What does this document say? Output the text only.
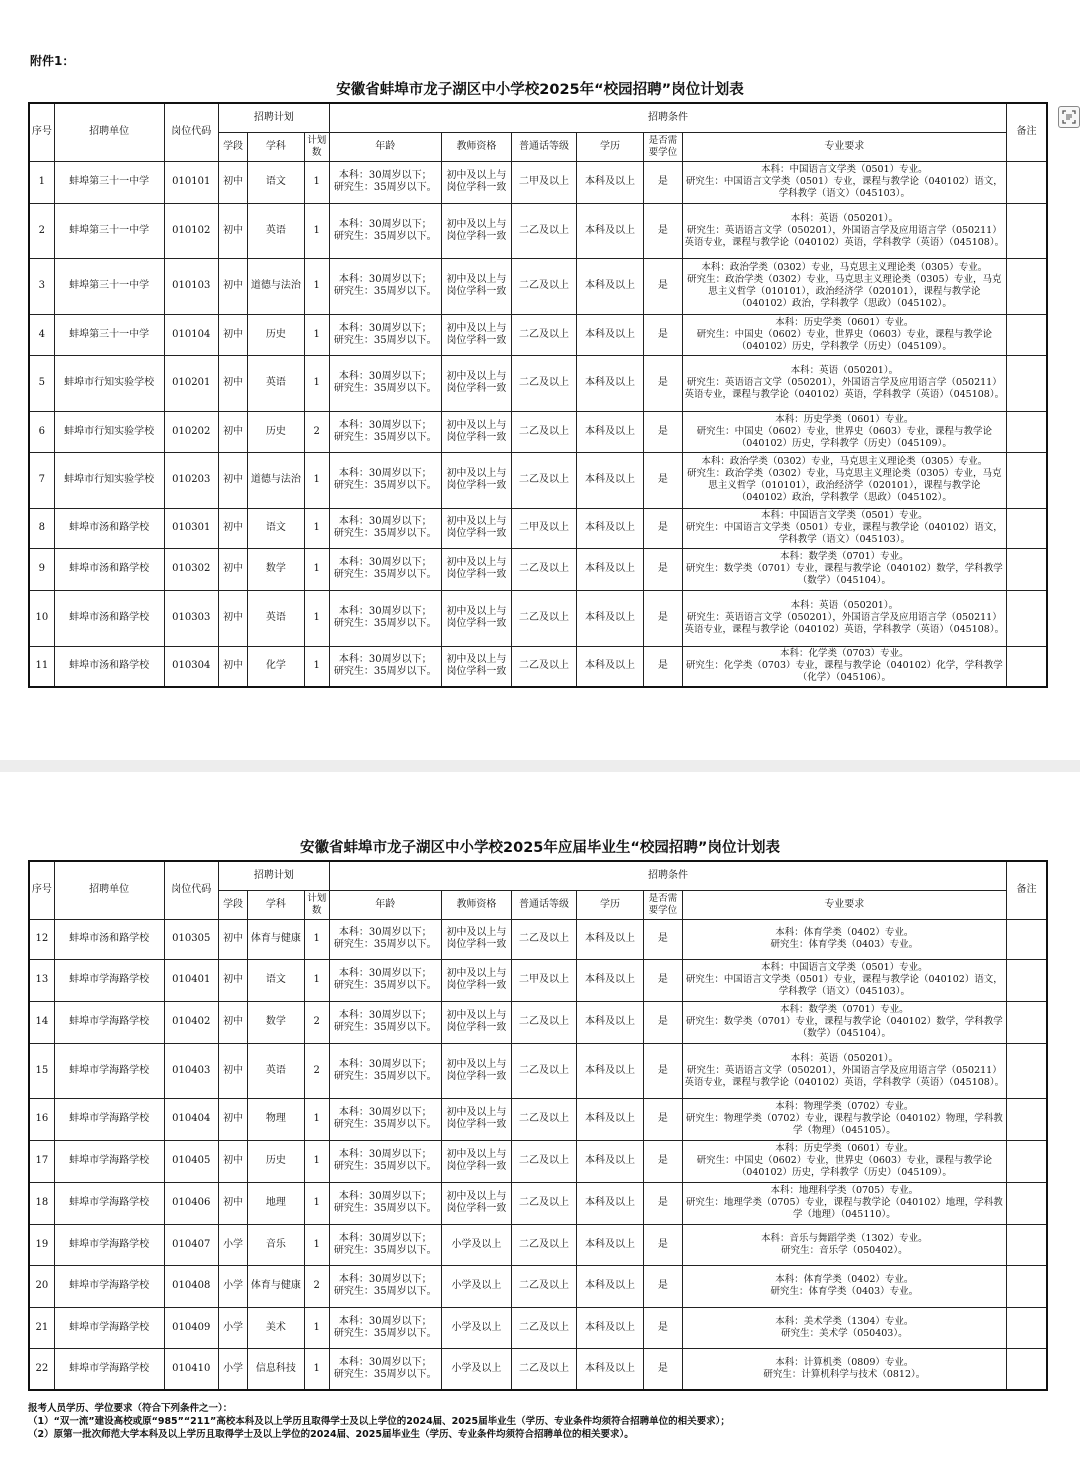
附件1：
安徽省蚌埠市龙子湖区中小学校2025年“校园招聘”岗位计划表
序号	招聘单位	岗位代码	招聘计划			招聘条件						备注
			学段	学科	计划数	年龄	教师资格	普通话等级	学历	是否需要学位	专业要求	
1	蚌埠第三十一中学	010101	初中	语文	1	本科：30周岁以下；
研究生：35周岁以下。	初中及以上与
岗位学科一致	二甲及以上	本科及以上	是	本科：中国语言文学类（0501）专业。
研究生：中国语言文学类（0501）专业，课程与教学论（040102）语文，学科教学（语文）（045103）。	
2	蚌埠第三十一中学	010102	初中	英语	1	本科：30周岁以下；
研究生：35周岁以下。	初中及以上与
岗位学科一致	二乙及以上	本科及以上	是	本科：英语（050201）。
研究生：英语语言文学（050201），外国语言学及应用语言学（050211）英语专业，课程与教学论（040102）英语，学科教学（英语）（045108）。	
3	蚌埠第三十一中学	010103	初中	道德与法治	1	本科：30周岁以下；
研究生：35周岁以下。	初中及以上与
岗位学科一致	二乙及以上	本科及以上	是	本科：政治学类（0302）专业，马克思主义理论类（0305）专业。
研究生：政治学类（0302）专业，马克思主义理论类（0305）专业，马克思主义哲学（010101），政治经济学（020101），课程与教学论（040102）政治，学科教学（思政）（045102）。	
4	蚌埠第三十一中学	010104	初中	历史	1	本科：30周岁以下；
研究生：35周岁以下。	初中及以上与
岗位学科一致	二乙及以上	本科及以上	是	本科：历史学类（0601）专业。
研究生：中国史（0602）专业，世界史（0603）专业，课程与教学论（040102）历史，学科教学（历史）（045109）。	
5	蚌埠市行知实验学校	010201	初中	英语	1	本科：30周岁以下；
研究生：35周岁以下。	初中及以上与
岗位学科一致	二乙及以上	本科及以上	是	本科：英语（050201）。
研究生：英语语言文学（050201），外国语言学及应用语言学（050211）英语专业，课程与教学论（040102）英语，学科教学（英语）（045108）。	
6	蚌埠市行知实验学校	010202	初中	历史	2	本科：30周岁以下；
研究生：35周岁以下。	初中及以上与
岗位学科一致	二乙及以上	本科及以上	是	本科：历史学类（0601）专业。
研究生：中国史（0602）专业，世界史（0603）专业，课程与教学论（040102）历史，学科教学（历史）（045109）。	
7	蚌埠市行知实验学校	010203	初中	道德与法治	1	本科：30周岁以下；
研究生：35周岁以下。	初中及以上与
岗位学科一致	二乙及以上	本科及以上	是	本科：政治学类（0302）专业，马克思主义理论类（0305）专业。
研究生：政治学类（0302）专业，马克思主义理论类（0305）专业，马克思主义哲学（010101），政治经济学（020101），课程与教学论（040102）政治，学科教学（思政）（045102）。	
8	蚌埠市汤和路学校	010301	初中	语文	1	本科：30周岁以下；
研究生：35周岁以下。	初中及以上与
岗位学科一致	二甲及以上	本科及以上	是	本科：中国语言文学类（0501）专业。
研究生：中国语言文学类（0501）专业，课程与教学论（040102）语文，学科教学（语文）（045103）。	
9	蚌埠市汤和路学校	010302	初中	数学	1	本科：30周岁以下；
研究生：35周岁以下。	初中及以上与
岗位学科一致	二乙及以上	本科及以上	是	本科：数学类（0701）专业。
研究生：数学类（0701）专业，课程与教学论（040102）数学，学科教学（数学）（045104）。	
10	蚌埠市汤和路学校	010303	初中	英语	1	本科：30周岁以下；
研究生：35周岁以下。	初中及以上与
岗位学科一致	二乙及以上	本科及以上	是	本科：英语（050201）。
研究生：英语语言文学（050201），外国语言学及应用语言学（050211）英语专业，课程与教学论（040102）英语，学科教学（英语）（045108）。	
11	蚌埠市汤和路学校	010304	初中	化学	1	本科：30周岁以下；
研究生：35周岁以下。	初中及以上与
岗位学科一致	二乙及以上	本科及以上	是	本科：化学类（0703）专业。
研究生：化学类（0703）专业，课程与教学论（040102）化学，学科教学（化学）（045106）。	
安徽省蚌埠市龙子湖区中小学校2025年应届毕业生“校园招聘”岗位计划表
序号	招聘单位	岗位代码	招聘计划			招聘条件						备注
			学段	学科	计划数	年龄	教师资格	普通话等级	学历	是否需要学位	专业要求	
12	蚌埠市汤和路学校	010305	初中	体育与健康	1	本科：30周岁以下；
研究生：35周岁以下。	初中及以上与
岗位学科一致	二乙及以上	本科及以上	是	本科：体育学类（0402）专业。
研究生：体育学类（0403）专业。	
13	蚌埠市学海路学校	010401	初中	语文	1	本科：30周岁以下；
研究生：35周岁以下。	初中及以上与
岗位学科一致	二甲及以上	本科及以上	是	本科：中国语言文学类（0501）专业。
研究生：中国语言文学类（0501）专业，课程与教学论（040102）语文，学科教学（语文）（045103）。	
14	蚌埠市学海路学校	010402	初中	数学	2	本科：30周岁以下；
研究生：35周岁以下。	初中及以上与
岗位学科一致	二乙及以上	本科及以上	是	本科：数学类（0701）专业。
研究生：数学类（0701）专业，课程与教学论（040102）数学，学科教学（数学）（045104）。	
15	蚌埠市学海路学校	010403	初中	英语	2	本科：30周岁以下；
研究生：35周岁以下。	初中及以上与
岗位学科一致	二乙及以上	本科及以上	是	本科：英语（050201）。
研究生：英语语言文学（050201），外国语言学及应用语言学（050211）英语专业，课程与教学论（040102）英语，学科教学（英语）（045108）。	
16	蚌埠市学海路学校	010404	初中	物理	1	本科：30周岁以下；
研究生：35周岁以下。	初中及以上与
岗位学科一致	二乙及以上	本科及以上	是	本科：物理学类（0702）专业。
研究生：物理学类（0702）专业，课程与教学论（040102）物理，学科教学（物理）（045105）。	
17	蚌埠市学海路学校	010405	初中	历史	1	本科：30周岁以下；
研究生：35周岁以下。	初中及以上与
岗位学科一致	二乙及以上	本科及以上	是	本科：历史学类（0601）专业。
研究生：中国史（0602）专业，世界史（0603）专业，课程与教学论（040102）历史，学科教学（历史）（045109）。	
18	蚌埠市学海路学校	010406	初中	地理	1	本科：30周岁以下；
研究生：35周岁以下。	初中及以上与
岗位学科一致	二乙及以上	本科及以上	是	本科：地理科学类（0705）专业。
研究生：地理学类（0705）专业，课程与教学论（040102）地理，学科教学（地理）（045110）。	
19	蚌埠市学海路学校	010407	小学	音乐	1	本科：30周岁以下；
研究生：35周岁以下。	小学及以上	二乙及以上	本科及以上	是	本科：音乐与舞蹈学类（1302）专业。
研究生：音乐学（050402）。	
20	蚌埠市学海路学校	010408	小学	体育与健康	2	本科：30周岁以下；
研究生：35周岁以下。	小学及以上	二乙及以上	本科及以上	是	本科：体育学类（0402）专业。
研究生：体育学类（0403）专业。	
21	蚌埠市学海路学校	010409	小学	美术	1	本科：30周岁以下；
研究生：35周岁以下。	小学及以上	二乙及以上	本科及以上	是	本科：美术学类（1304）专业。
研究生：美术学（050403）。	
22	蚌埠市学海路学校	010410	小学	信息科技	1	本科：30周岁以下；
研究生：35周岁以下。	小学及以上	二乙及以上	本科及以上	是	本科：计算机类（0809）专业。
研究生：计算机科学与技术（0812）。	
报考人员学历、学位要求（符合下列条件之一）：
（1）“双一流”建设高校或原“985”“211”高校本科及以上学历且取得学士及以上学位的2024届、2025届毕业生（学历、专业条件均须符合招聘单位的相关要求）；
（2）原第一批次师范大学本科及以上学历且取得学士及以上学位的2024届、2025届毕业生（学历、专业条件均须符合招聘单位的相关要求）。
